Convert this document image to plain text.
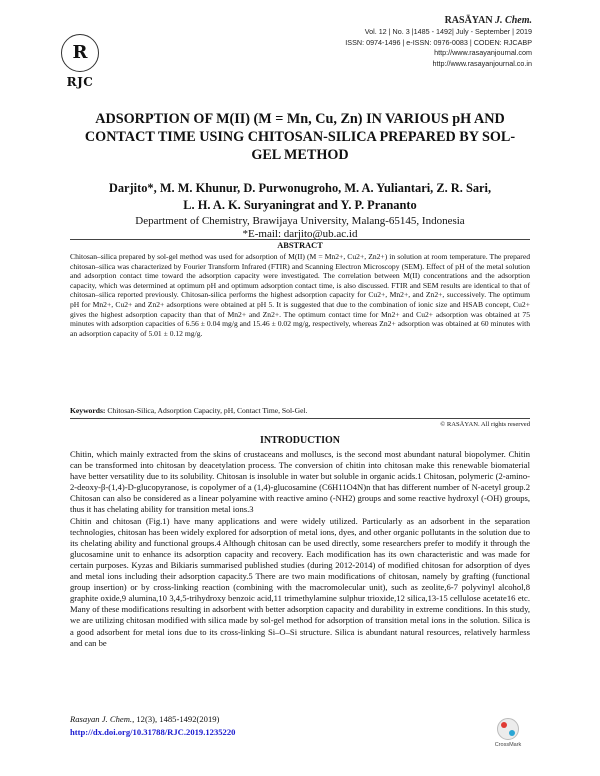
R
RJC
RASĀYAN J. Chem.
Vol. 12 | No. 3 |1485 - 1492| July - September | 2019
ISSN: 0974-1496 | e-ISSN: 0976-0083 | CODEN: RJCABP
http://www.rasayanjournal.com
http://www.rasayanjournal.co.in
ADSORPTION OF M(II) (M = Mn, Cu, Zn) IN VARIOUS pH AND CONTACT TIME USING CHITOSAN-SILICA PREPARED BY SOL-GEL METHOD
Darjito*, M. M. Khunur, D. Purwonugroho, M. A. Yuliantari, Z. R. Sari,
L. H. A. K. Suryaningrat and Y. P. Prananto
Department of Chemistry, Brawijaya University, Malang-65145, Indonesia
*E-mail: darjito@ub.ac.id
ABSTRACT
Chitosan–silica prepared by sol-gel method was used for adsorption of M(II) (M = Mn2+, Cu2+, Zn2+) in solution at room temperature. The prepared chitosan–silica was characterized by Fourier Transform Infrared (FTIR) and Scanning Electron Microscopy (SEM). Effect of pH of the metal solution and adsorption contact time toward the adsorption capacity were investigated. The correlation between M(II) concentrations and the adsorption capacity, which was determined at optimum pH and optimum adsorption contact time, is also discussed. FTIR and SEM results are identical to that of chitosan–silica reported previously. Chitosan-silica performs the highest adsorption capacity for Cu2+, Mn2+, and Zn2+, successively. The optimum pH for Mn2+, Cu2+ and Zn2+ adsorptions were obtained at pH 5. It is suggested that due to the combination of ionic size and HSAB concept, Cu2+ gives the highest adsorption capacity than that of Mn2+ and Zn2+. The optimum contact time for Mn2+ and Cu2+ adsorption was obtained at 75 minutes with adsorption capacities of 6.56 ± 0.04 mg/g and 15.46 ± 0.02 mg/g, respectively, whereas Zn2+ adsorption was obtained at 60 minutes with an adsorption capacity of 5.01 ± 0.12 mg/g.
Keywords: Chitosan-Silica, Adsorption Capacity, pH, Contact Time, Sol-Gel.
© RASĀYAN. All rights reserved
INTRODUCTION

Chitin, which mainly extracted from the skins of crustaceans and molluscs, is the second most abundant natural biopolymer. Chitin can be transformed into chitosan by deacetylation process. The conversion of chitin into chitosan make this renewable biomaterial have better versatility due to its solubility. Chitosan is insoluble in water but soluble in organic acids.1 Chitosan, polymeric (2-amino-2-deoxy-β-(1,4)-D-glucopyranose, is copolymer of a (1,4)-glucosamine (C6H11O4N)n that has different number of N-acetyl group.2 Chitosan can also be considered as a linear polyamine with reactive amino (-NH2) groups and some reactive hydroxyl (-OH) groups, thus it has chelating ability for transition metal ions.3

Chitin and chitosan (Fig.1) have many applications and were widely utilized. Particularly as an adsorbent in the separation technologies, chitosan has been widely explored for adsorption of metal ions, dyes, and other organic pollutants in the solution due to its chelating ability and functional groups.4 Although chitosan can be used directly, some researchers prefer to modify it through the glucosamine unit to enhance its adsorption capacity and recovery. Each modification has its own characteristic and was made for certain purposes. Kyzas and Bikiaris summarised published studies (during 2012-2014) of modified chitosan for adsorption of dyes and metal ions including their adsorption capacity.5 There are two main modifications of chitosan, namely by grafting (functional group insertion) or by cross-linking reaction (combining with the macromolecular unit), such as zeolite,6-7 polyvinyl alcohol,8 graphite oxide,9 alumina,10 3,4,5-trihydroxy benzoic acid,11 trimethylamine sulphur trioxide,12 silica,13-15 cellulose acetate16 etc. Many of these modifications resulting in adsorbent with better adsorption capacity and durability in extreme conditions. In this study, we are utilizing chitosan modified with silica made by sol-gel method for adsorption of transition metal ions in the solution. Silica is a good adsorbent for metal ions due to its cross-linking Si–O–Si structure. Silica is abundant natural resources, relatively harmless and can be

Rasayan J. Chem., 12(3), 1485-1492(2019)
http://dx.doi.org/10.31788/RJC.2019.1235220
CrossMark
